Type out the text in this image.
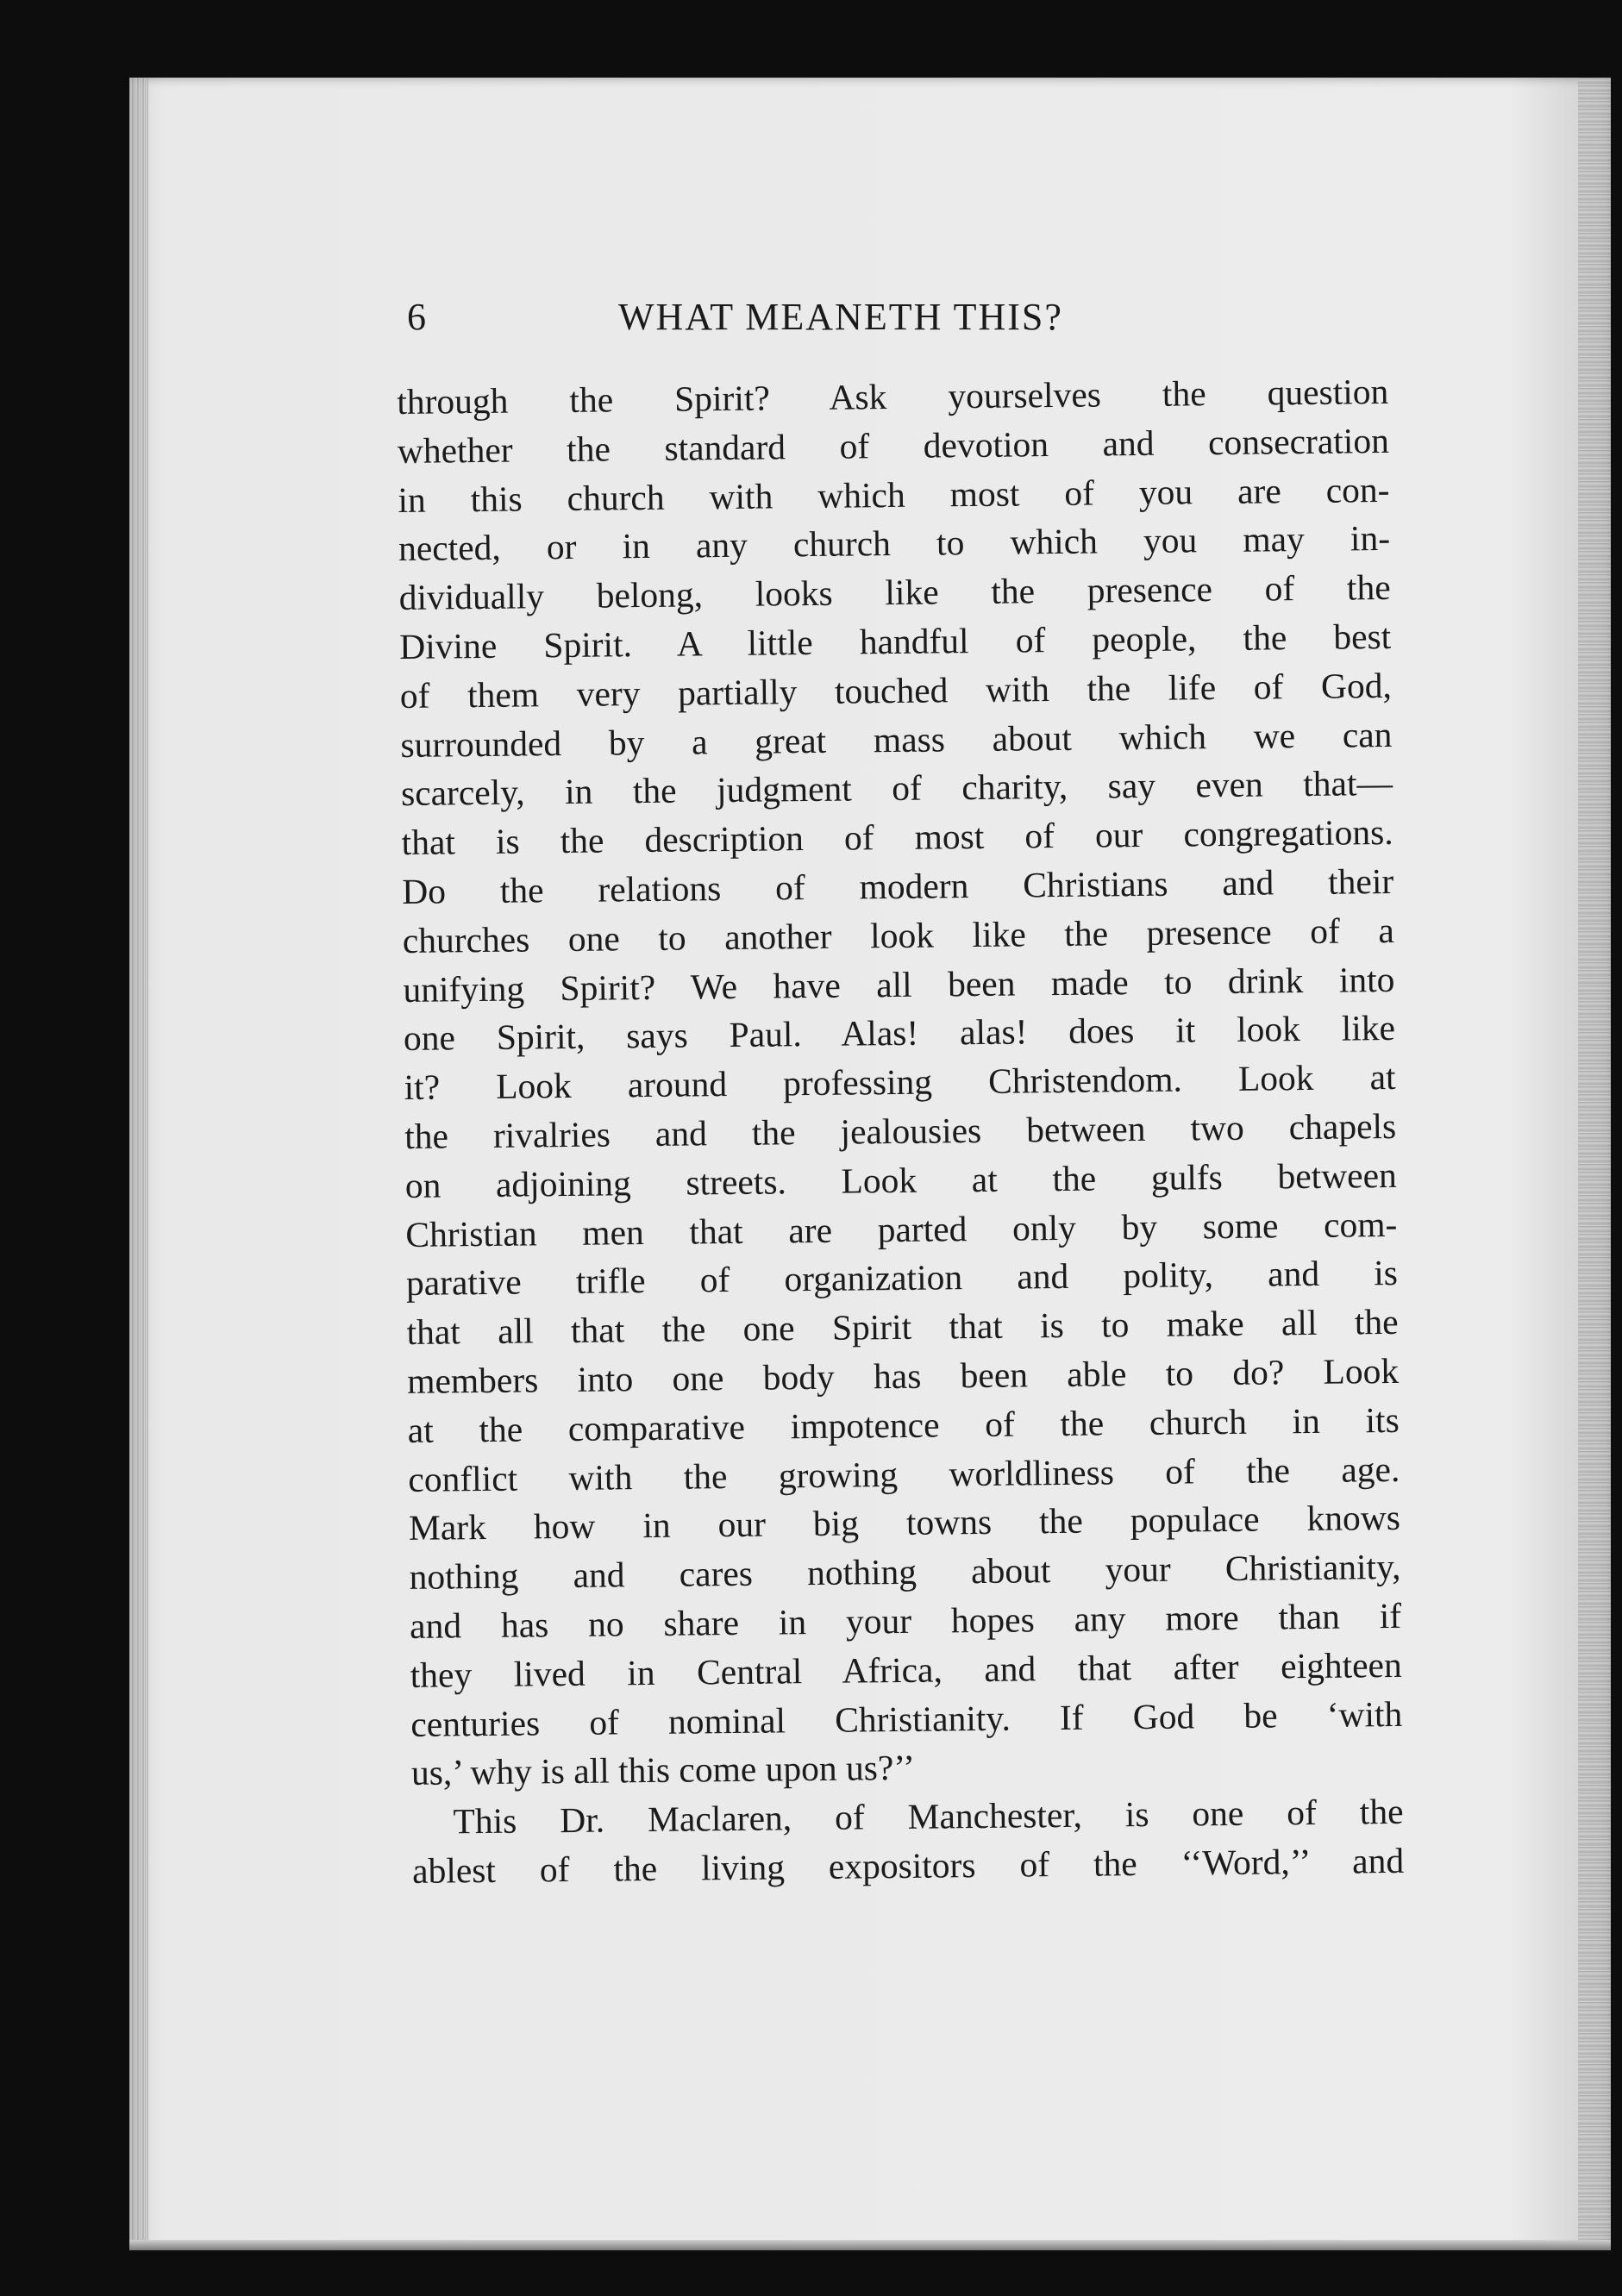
6	WHAT MEANETH THIS?
through the Spirit? Ask yourselves the question
whether the standard of devotion and consecration
in this church with which most of you are con-
nected, or in any church to which you may in-
dividually belong, looks like the presence of the
Divine Spirit. A little handful of people, the best
of them very partially touched with the life of God,
surrounded by a great mass about which we can
scarcely, in the judgment of charity, say even that—
that is the description of most of our congregations.
Do the relations of modern Christians and their
churches one to another look like the presence of a
unifying Spirit? We have all been made to drink into
one Spirit, says Paul. Alas! alas! does it look like
it? Look around professing Christendom. Look at
the rivalries and the jealousies between two chapels
on adjoining streets. Look at the gulfs between
Christian men that are parted only by some com-
parative trifle of organization and polity, and is
that all that the one Spirit that is to make all the
members into one body has been able to do? Look
at the comparative impotence of the church in its
conflict with the growing worldliness of the age.
Mark how in our big towns the populace knows
nothing and cares nothing about your Christianity,
and has no share in your hopes any more than if
they lived in Central Africa, and that after eighteen
centuries of nominal Christianity. If God be ‘with
us,’ why is all this come upon us?’’
This Dr. Maclaren, of Manchester, is one of the
ablest of the living expositors of the ‘‘Word,’’ and
